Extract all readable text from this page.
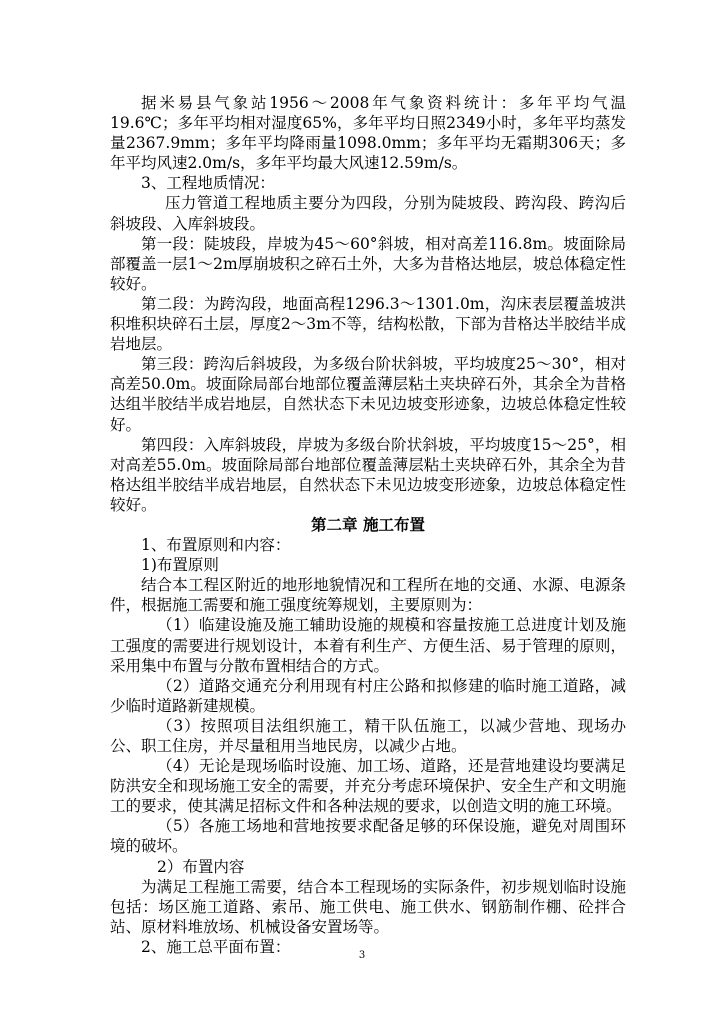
据米易县气象站1956～2008年气象资料统计：多年平均气温19.6℃；多年平均相对湿度65%，多年平均日照2349小时，多年平均蒸发量2367.9mm；多年平均降雨量1098.0mm；多年平均无霜期306天；多年平均风速2.0m/s，多年平均最大风速12.59m/s。

3、工程地质情况：

压力管道工程地质主要分为四段，分别为陡坡段、跨沟段、跨沟后斜坡段、入库斜坡段。

第一段：陡坡段，岸坡为45～60°斜坡，相对高差116.8m。坡面除局部覆盖一层1～2m厚崩坡积之碎石土外，大多为昔格达地层，坡总体稳定性较好。

第二段：为跨沟段，地面高程1296.3～1301.0m，沟床表层覆盖坡洪积堆积块碎石土层，厚度2～3m不等，结构松散，下部为昔格达半胶结半成岩地层。

第三段：跨沟后斜坡段，为多级台阶状斜坡，平均坡度25～30°，相对高差50.0m。坡面除局部台地部位覆盖薄层粘土夹块碎石外，其余全为昔格达组半胶结半成岩地层，自然状态下未见边坡变形迹象，边坡总体稳定性较好。

第四段：入库斜坡段，岸坡为多级台阶状斜坡，平均坡度15～25°，相对高差55.0m。坡面除局部台地部位覆盖薄层粘土夹块碎石外，其余全为昔格达组半胶结半成岩地层，自然状态下未见边坡变形迹象，边坡总体稳定性较好。

第二章 施工布置

1、布置原则和内容：

1)布置原则

结合本工程区附近的地形地貌情况和工程所在地的交通、水源、电源条件，根据施工需要和施工强度统筹规划，主要原则为：

（1）临建设施及施工辅助设施的规模和容量按施工总进度计划及施工强度的需要进行规划设计，本着有利生产、方便生活、易于管理的原则，采用集中布置与分散布置相结合的方式。

（2）道路交通充分利用现有村庄公路和拟修建的临时施工道路，减少临时道路新建规模。

（3）按照项目法组织施工，精干队伍施工，以减少营地、现场办公、职工住房，并尽量租用当地民房，以减少占地。

（4）无论是现场临时设施、加工场、道路，还是营地建设均要满足防洪安全和现场施工安全的需要，并充分考虑环境保护、安全生产和文明施工的要求，使其满足招标文件和各种法规的要求，以创造文明的施工环境。

（5）各施工场地和营地按要求配备足够的环保设施，避免对周围环境的破坏。

2）布置内容

为满足工程施工需要，结合本工程现场的实际条件，初步规划临时设施包括：场区施工道路、索吊、施工供电、施工供水、钢筋制作棚、砼拌合站、原材料堆放场、机械设备安置场等。

2、施工总平面布置：	3
